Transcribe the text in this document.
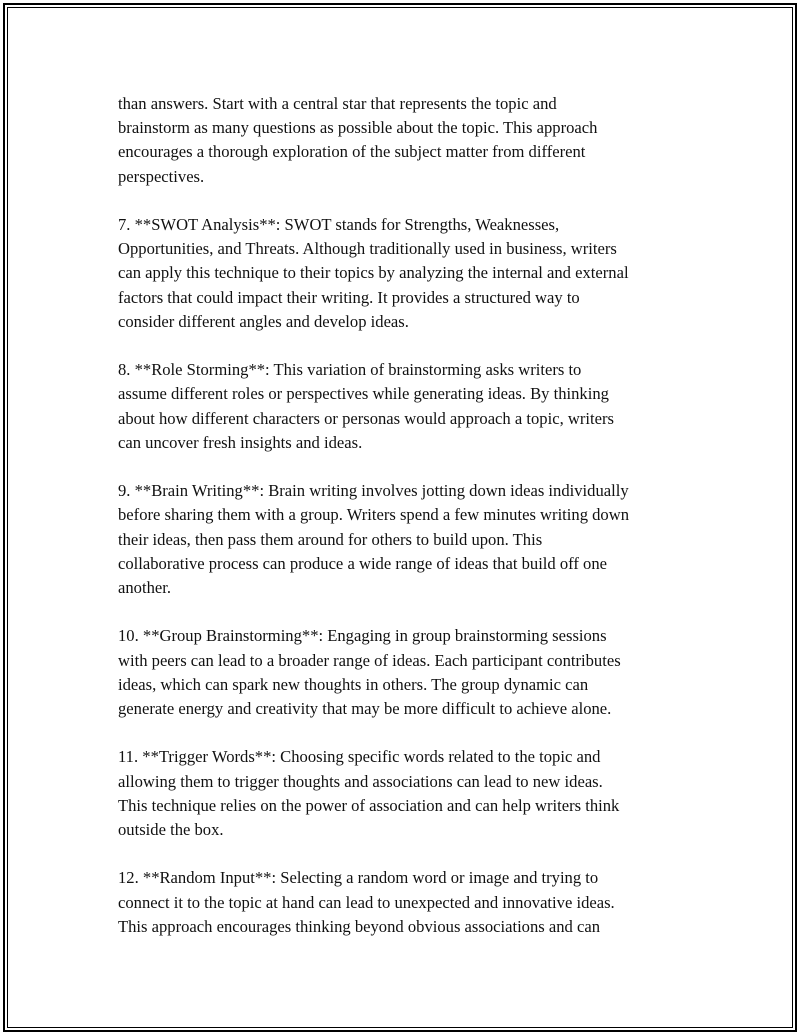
than answers. Start with a central star that represents the topic and
brainstorm as many questions as possible about the topic. This approach
encourages a thorough exploration of the subject matter from different
perspectives.

7. **SWOT Analysis**: SWOT stands for Strengths, Weaknesses,
Opportunities, and Threats. Although traditionally used in business, writers
can apply this technique to their topics by analyzing the internal and external
factors that could impact their writing. It provides a structured way to
consider different angles and develop ideas.

8. **Role Storming**: This variation of brainstorming asks writers to
assume different roles or perspectives while generating ideas. By thinking
about how different characters or personas would approach a topic, writers
can uncover fresh insights and ideas.

9. **Brain Writing**: Brain writing involves jotting down ideas individually
before sharing them with a group. Writers spend a few minutes writing down
their ideas, then pass them around for others to build upon. This
collaborative process can produce a wide range of ideas that build off one
another.

10. **Group Brainstorming**: Engaging in group brainstorming sessions
with peers can lead to a broader range of ideas. Each participant contributes
ideas, which can spark new thoughts in others. The group dynamic can
generate energy and creativity that may be more difficult to achieve alone.

11. **Trigger Words**: Choosing specific words related to the topic and
allowing them to trigger thoughts and associations can lead to new ideas.
This technique relies on the power of association and can help writers think
outside the box.

12. **Random Input**: Selecting a random word or image and trying to
connect it to the topic at hand can lead to unexpected and innovative ideas.
This approach encourages thinking beyond obvious associations and can
